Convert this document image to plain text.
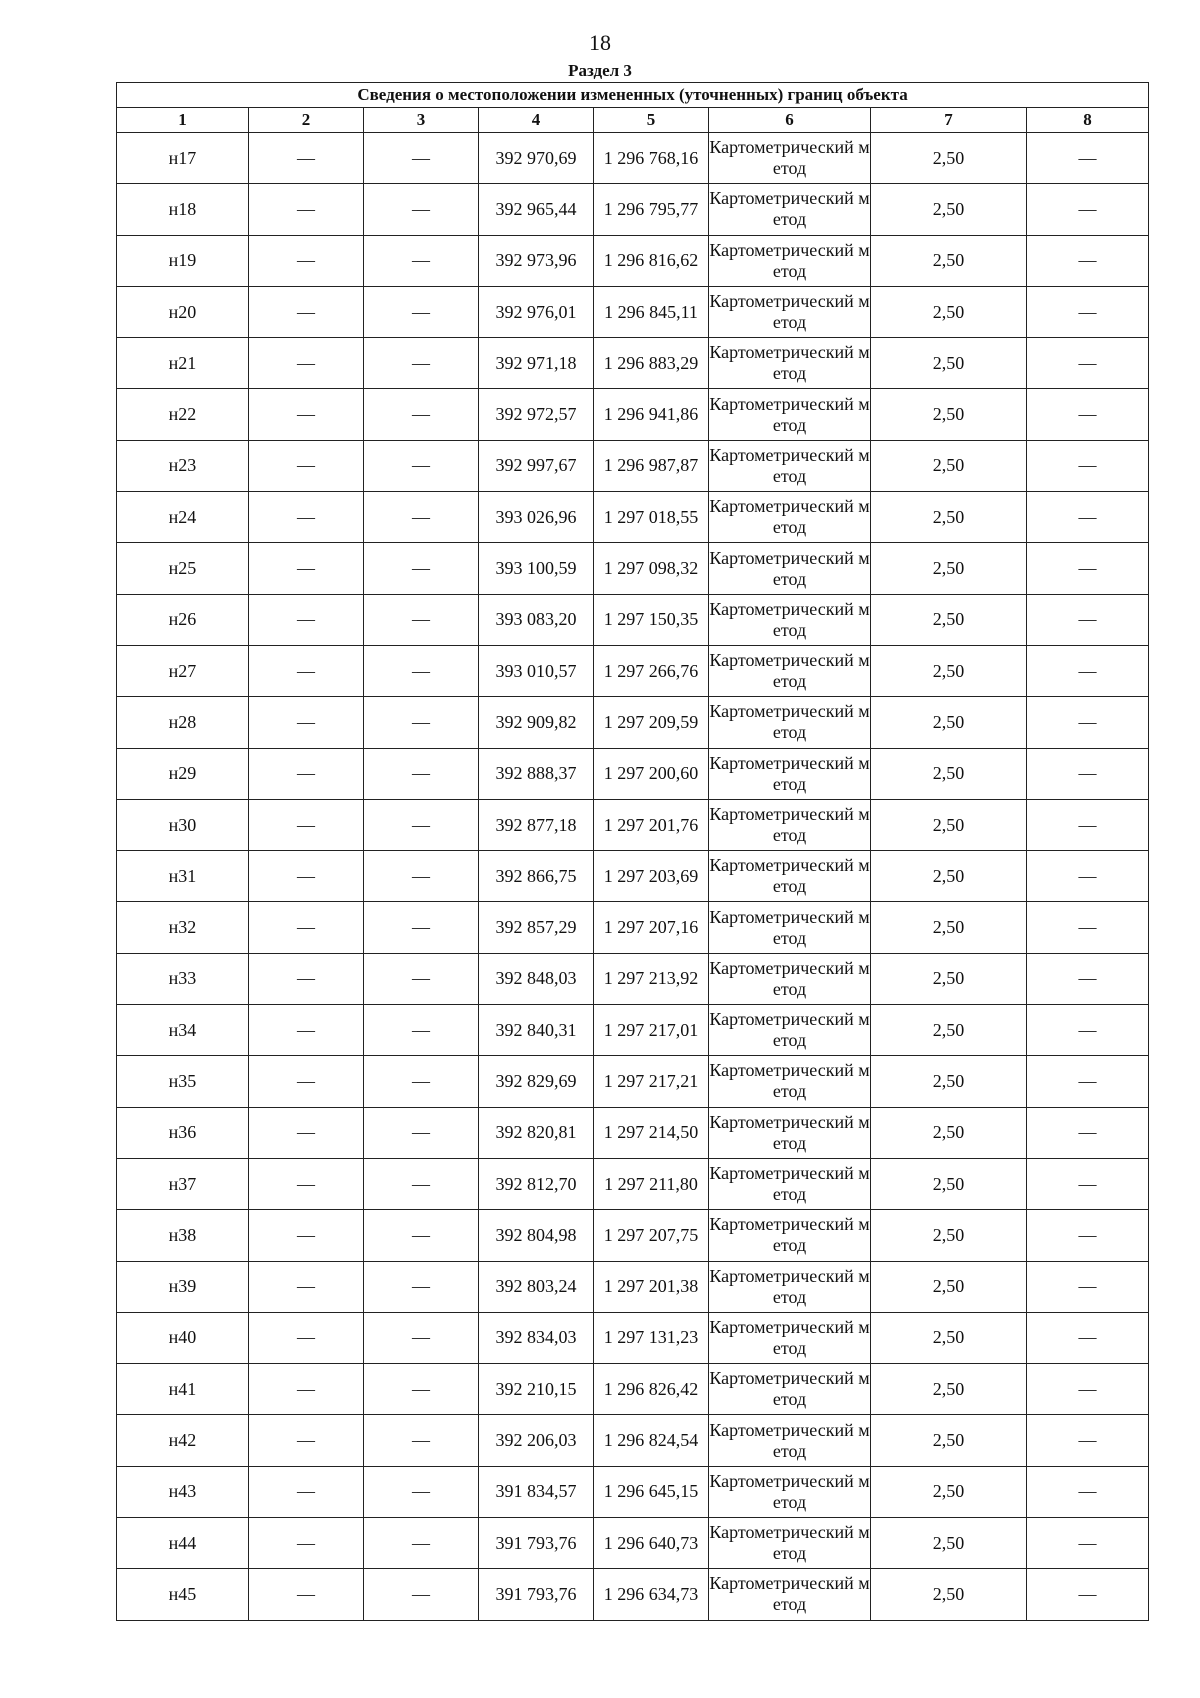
18
Раздел 3
Сведения о местоположении измененных (уточненных) границ объекта							
1	2	3	4	5	6	7	8
н17	—	—	392 970,69	1 296 768,16	Картометрический метод	2,50	—
н18	—	—	392 965,44	1 296 795,77	Картометрический метод	2,50	—
н19	—	—	392 973,96	1 296 816,62	Картометрический метод	2,50	—
н20	—	—	392 976,01	1 296 845,11	Картометрический метод	2,50	—
н21	—	—	392 971,18	1 296 883,29	Картометрический метод	2,50	—
н22	—	—	392 972,57	1 296 941,86	Картометрический метод	2,50	—
н23	—	—	392 997,67	1 296 987,87	Картометрический метод	2,50	—
н24	—	—	393 026,96	1 297 018,55	Картометрический метод	2,50	—
н25	—	—	393 100,59	1 297 098,32	Картометрический метод	2,50	—
н26	—	—	393 083,20	1 297 150,35	Картометрический метод	2,50	—
н27	—	—	393 010,57	1 297 266,76	Картометрический метод	2,50	—
н28	—	—	392 909,82	1 297 209,59	Картометрический метод	2,50	—
н29	—	—	392 888,37	1 297 200,60	Картометрический метод	2,50	—
н30	—	—	392 877,18	1 297 201,76	Картометрический метод	2,50	—
н31	—	—	392 866,75	1 297 203,69	Картометрический метод	2,50	—
н32	—	—	392 857,29	1 297 207,16	Картометрический метод	2,50	—
н33	—	—	392 848,03	1 297 213,92	Картометрический метод	2,50	—
н34	—	—	392 840,31	1 297 217,01	Картометрический метод	2,50	—
н35	—	—	392 829,69	1 297 217,21	Картометрический метод	2,50	—
н36	—	—	392 820,81	1 297 214,50	Картометрический метод	2,50	—
н37	—	—	392 812,70	1 297 211,80	Картометрический метод	2,50	—
н38	—	—	392 804,98	1 297 207,75	Картометрический метод	2,50	—
н39	—	—	392 803,24	1 297 201,38	Картометрический метод	2,50	—
н40	—	—	392 834,03	1 297 131,23	Картометрический метод	2,50	—
н41	—	—	392 210,15	1 296 826,42	Картометрический метод	2,50	—
н42	—	—	392 206,03	1 296 824,54	Картометрический метод	2,50	—
н43	—	—	391 834,57	1 296 645,15	Картометрический метод	2,50	—
н44	—	—	391 793,76	1 296 640,73	Картометрический метод	2,50	—
н45	—	—	391 793,76	1 296 634,73	Картометрический метод	2,50	—
